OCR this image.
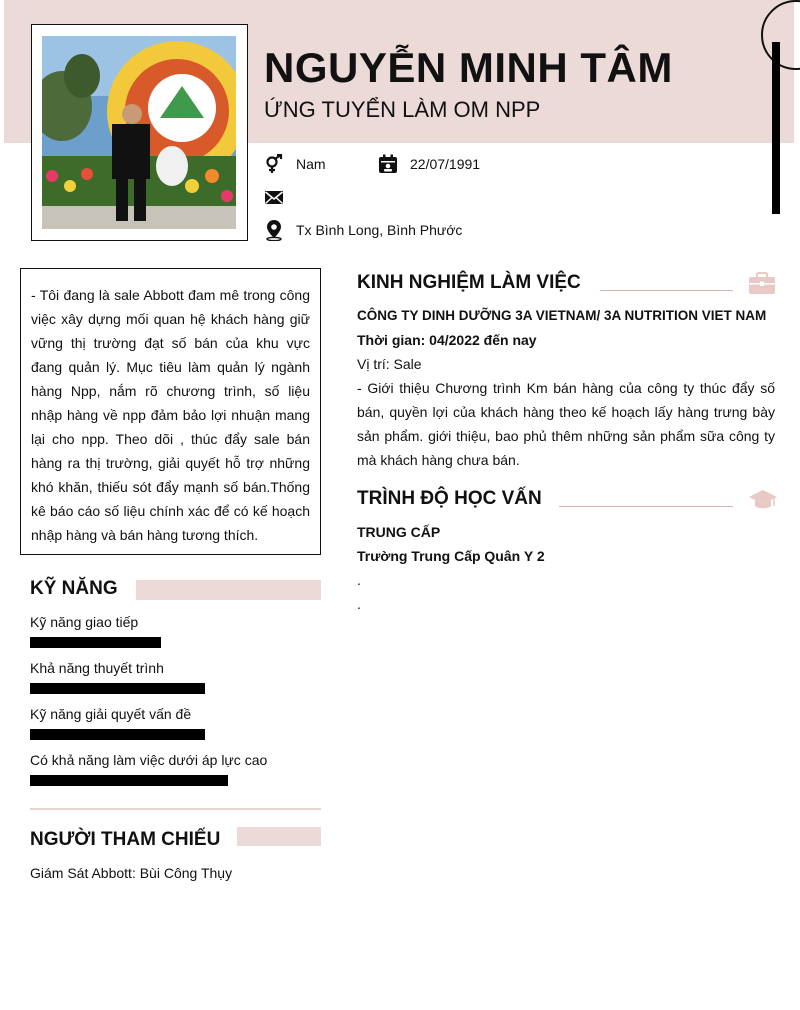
NGUYỄN MINH TÂM
ỨNG TUYỂN LÀM OM NPP
Nam	22/07/1991
Tx Bình Long, Bình Phước

- Tôi đang là sale Abbott đam mê trong công việc xây dựng mối quan hệ khách hàng giữ vững thị trường đạt số bán của khu vực đang quản lý. Mục tiêu làm quản lý ngành hàng Npp, nắm rõ chương trình, số liệu nhập hàng về npp đảm bảo lợi nhuận mang lại cho npp. Theo dõi , thúc đẩy sale bán hàng ra thị trường, giải quyết hỗ trợ những khó khăn, thiếu sót đẩy mạnh số bán.Thống kê báo cáo số liệu chính xác để có kế hoạch nhập hàng và bán hàng tương thích.

KỸ NĂNG
Kỹ năng giao tiếp
Khả năng thuyết trình
Kỹ năng giải quyết vấn đề
Có khả năng làm việc dưới áp lực cao
NGƯỜI THAM CHIẾU
Giám Sát Abbott: Bùi Công Thụy
KINH NGHIỆM LÀM VIỆC
CÔNG TY DINH DƯỠNG 3A VIETNAM/ 3A NUTRITION VIET NAM
Thời gian: 04/2022 đến nay
Vị trí: Sale

- Giới thiệu Chương trình Km bán hàng của công ty thúc đẩy số bán, quyền lợi của khách hàng theo kế hoạch lấy hàng trưng bày sản phẩm. giới thiệu, bao phủ thêm những sản phẩm sữa công ty mà khách hàng chưa bán.

TRÌNH ĐỘ HỌC VẤN
TRUNG CẤP
Trường Trung Cấp Quân Y 2
.
.
